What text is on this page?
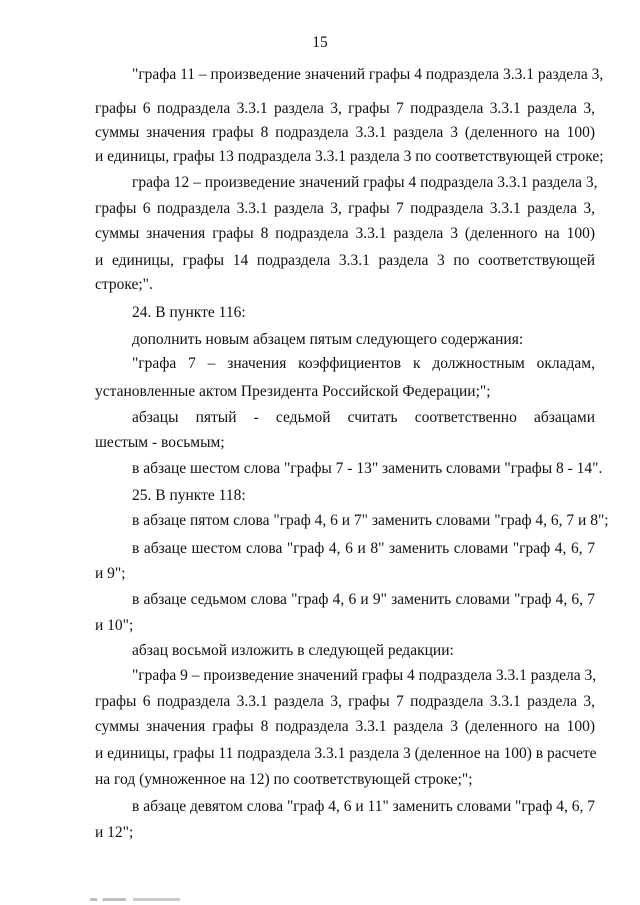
15
"графа 11 – произведение значений графы 4 подраздела 3.3.1 раздела 3,
графы 6 подраздела 3.3.1 раздела 3, графы 7 подраздела 3.3.1 раздела 3,
суммы значения графы 8 подраздела 3.3.1 раздела 3 (деленного на 100)
и единицы, графы 13 подраздела 3.3.1 раздела 3 по соответствующей строке;
графа 12 – произведение значений графы 4 подраздела 3.3.1 раздела 3,
графы 6 подраздела 3.3.1 раздела 3, графы 7 подраздела 3.3.1 раздела 3,
суммы значения графы 8 подраздела 3.3.1 раздела 3 (деленного на 100)
и единицы, графы 14 подраздела 3.3.1 раздела 3 по соответствующей
строке;".
24. В пункте 116:
дополнить новым абзацем пятым следующего содержания:
"графа 7 – значения коэффициентов к должностным окладам,
установленные актом Президента Российской Федерации;";
абзацы пятый - седьмой считать соответственно абзацами
шестым - восьмым;
в абзаце шестом слова "графы 7 - 13" заменить словами "графы 8 - 14".
25. В пункте 118:
в абзаце пятом слова "граф 4, 6 и 7" заменить словами "граф 4, 6, 7 и 8";
в абзаце шестом слова "граф 4, 6 и 8" заменить словами "граф 4, 6, 7
и 9";
в абзаце седьмом слова "граф 4, 6 и 9" заменить словами "граф 4, 6, 7
и 10";
абзац восьмой изложить в следующей редакции:
"графа 9 – произведение значений графы 4 подраздела 3.3.1 раздела 3,
графы 6 подраздела 3.3.1 раздела 3, графы 7 подраздела 3.3.1 раздела 3,
суммы значения графы 8 подраздела 3.3.1 раздела 3 (деленного на 100)
и единицы, графы 11 подраздела 3.3.1 раздела 3 (деленное на 100) в расчете
на год (умноженное на 12) по соответствующей строке;";
в абзаце девятом слова "граф 4, 6 и 11" заменить словами "граф 4, 6, 7
и 12";
